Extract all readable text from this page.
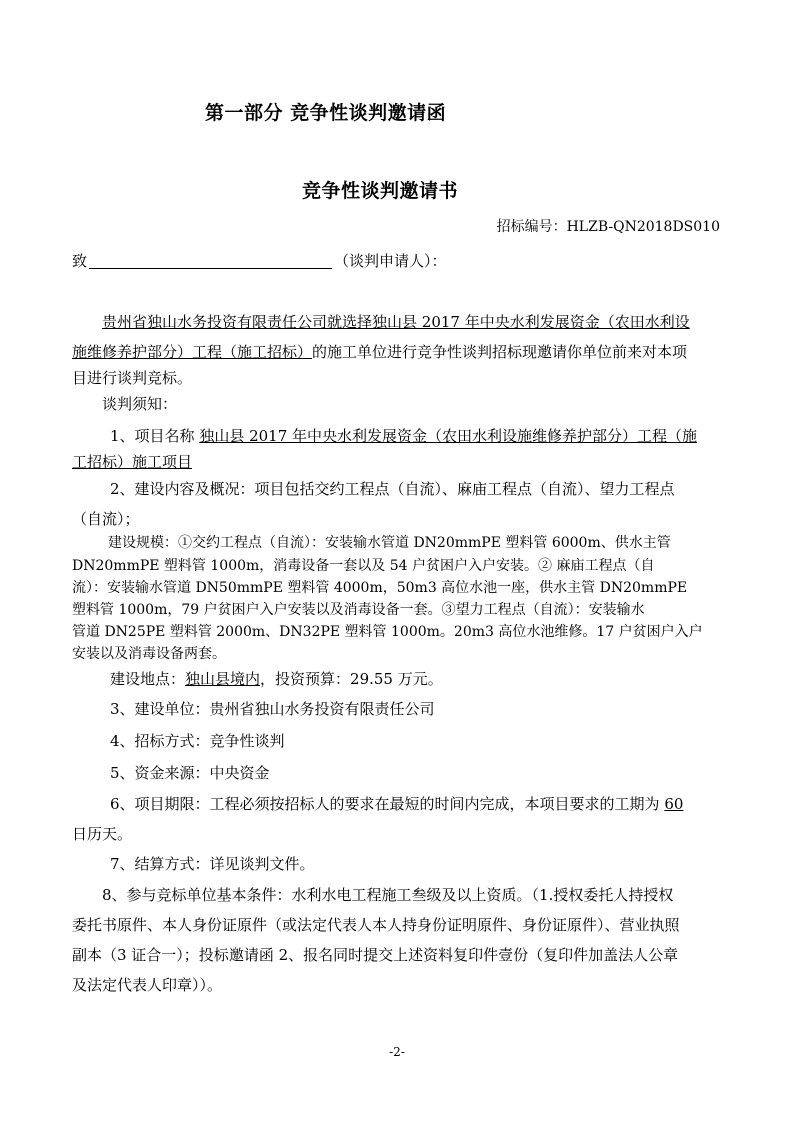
第一部分 竞争性谈判邀请函
竞争性谈判邀请书
招标编号：HLZB-QN2018DS010
致	（谈判申请人）：
贵州省独山水务投资有限责任公司就选择独山县 2017 年中央水利发展资金（农田水利设
施维修养护部分）工程（施工招标）的施工单位进行竞争性谈判招标现邀请你单位前来对本项
目进行谈判竞标。
谈判须知：
1、项目名称 独山县 2017 年中央水利发展资金（农田水利设施维修养护部分）工程（施
工招标）施工项目
2、建设内容及概况：项目包括交约工程点（自流）、麻庙工程点（自流）、望力工程点
（自流）；
建设规模：①交约工程点（自流）：安装输水管道 DN20mmPE 塑料管 6000m、供水主管
DN20mmPE 塑料管 1000m，消毒设备一套以及 54 户贫困户入户安装。② 麻庙工程点（自
流）：安装输水管道 DN50mmPE 塑料管 4000m，50m3 高位水池一座，供水主管 DN20mmPE
塑料管 1000m，79 户贫困户入户安装以及消毒设备一套。③望力工程点（自流）：安装输水
管道 DN25PE 塑料管 2000m、DN32PE 塑料管 1000m。20m3 高位水池维修。17 户贫困户入户
安装以及消毒设备两套。
建设地点：独山县境内，投资预算：29.55 万元。
3、建设单位：贵州省独山水务投资有限责任公司
4、招标方式：竞争性谈判
5、资金来源：中央资金
6、项目期限：工程必须按招标人的要求在最短的时间内完成，本项目要求的工期为 60
日历天。
7、结算方式：详见谈判文件。
8、参与竞标单位基本条件：水利水电工程施工叁级及以上资质。（1.授权委托人持授权
委托书原件、本人身份证原件（或法定代表人本人持身份证明原件、身份证原件）、营业执照
副本（3 证合一）；投标邀请函 2、报名同时提交上述资料复印件壹份（复印件加盖法人公章
及法定代表人印章））。
-2-
